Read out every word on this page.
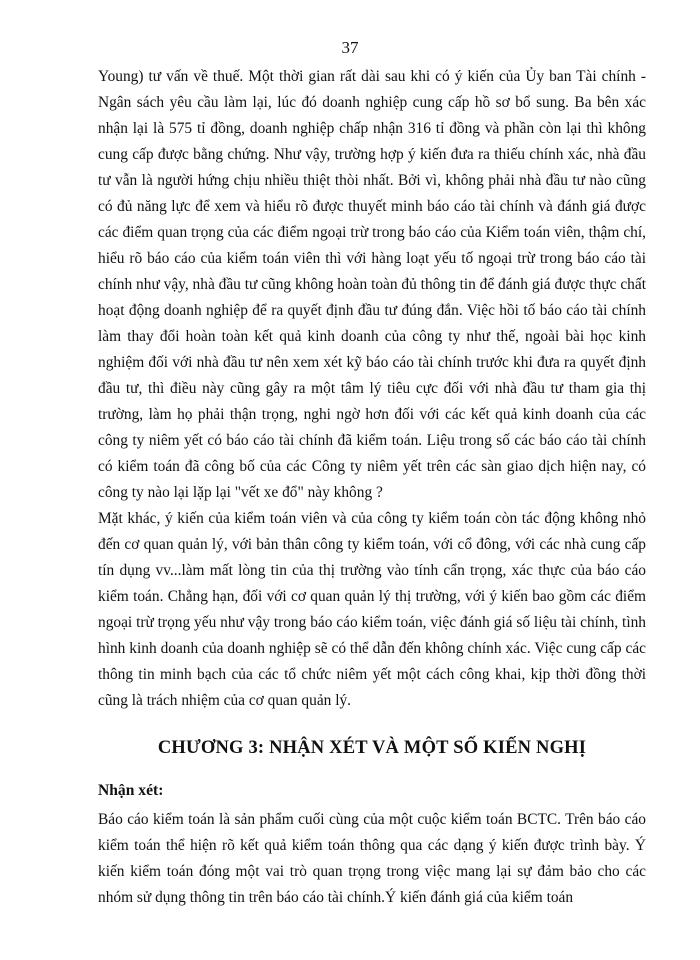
37

Young) tư vấn về thuế. Một thời gian rất dài sau khi có ý kiến của Ủy ban Tài chính - Ngân sách yêu cầu làm lại, lúc đó doanh nghiệp cung cấp hồ sơ bổ sung. Ba bên xác nhận lại là 575 tỉ đồng, doanh nghiệp chấp nhận 316 tỉ đồng và phần còn lại thì không cung cấp được bằng chứng. Như vậy, trường hợp ý kiến đưa ra thiếu chính xác, nhà đầu tư vẫn là người hứng chịu nhiều thiệt thòi nhất. Bởi vì, không phải nhà đầu tư nào cũng có đủ năng lực để xem và hiểu rõ được thuyết minh báo cáo tài chính và đánh giá được các điểm quan trọng của các điểm ngoại trừ trong báo cáo của Kiểm toán viên, thậm chí, hiểu rõ báo cáo của kiểm toán viên thì với hàng loạt yếu tố ngoại trừ trong báo cáo tài chính như vậy, nhà đầu tư cũng không hoàn toàn đủ thông tin để đánh giá được thực chất hoạt động doanh nghiệp để ra quyết định đầu tư đúng đắn. Việc hồi tố báo cáo tài chính làm thay đổi hoàn toàn kết quả kinh doanh của công ty như thế, ngoài bài học kinh nghiệm đối với nhà đầu tư nên xem xét kỹ báo cáo tài chính trước khi đưa ra quyết định đầu tư, thì điều này cũng gây ra một tâm lý tiêu cực đối với nhà đầu tư tham gia thị trường, làm họ phải thận trọng, nghi ngờ hơn đối với các kết quả kinh doanh của các công ty niêm yết có báo cáo tài chính đã kiểm toán. Liệu trong số các báo cáo tài chính có kiểm toán đã công bố của các Công ty niêm yết trên các sàn giao dịch hiện nay, có công ty nào lại lặp lại "vết xe đổ" này không ?

Mặt khác, ý kiến của kiểm toán viên và của công ty kiểm toán còn tác động không nhỏ đến cơ quan quản lý, với bản thân công ty kiểm toán, với cổ đông, với các nhà cung cấp tín dụng vv...làm mất lòng tin của thị trường vào tính cẩn trọng, xác thực của báo cáo kiểm toán. Chẳng hạn, đối với cơ quan quản lý thị trường, với ý kiến bao gồm các điểm ngoại trừ trọng yếu như vậy trong báo cáo kiểm toán, việc đánh giá số liệu tài chính, tình hình kinh doanh của doanh nghiệp sẽ có thể dẫn đến không chính xác. Việc cung cấp các thông tin minh bạch của các tổ chức niêm yết một cách công khai, kịp thời đồng thời cũng là trách nhiệm của cơ quan quản lý.

CHƯƠNG 3: NHẬN XÉT VÀ MỘT SỐ KIẾN NGHỊ
Nhận xét:

Báo cáo kiểm toán là sản phẩm cuối cùng của một cuộc kiểm toán BCTC. Trên báo cáo kiểm toán thể hiện rõ kết quả kiểm toán thông qua các dạng ý kiến được trình bày. Ý kiến kiểm toán đóng một vai trò quan trọng trong việc mang lại sự đảm bảo cho các nhóm sử dụng thông tin trên báo cáo tài chính.Ý kiến đánh giá của kiểm toán
